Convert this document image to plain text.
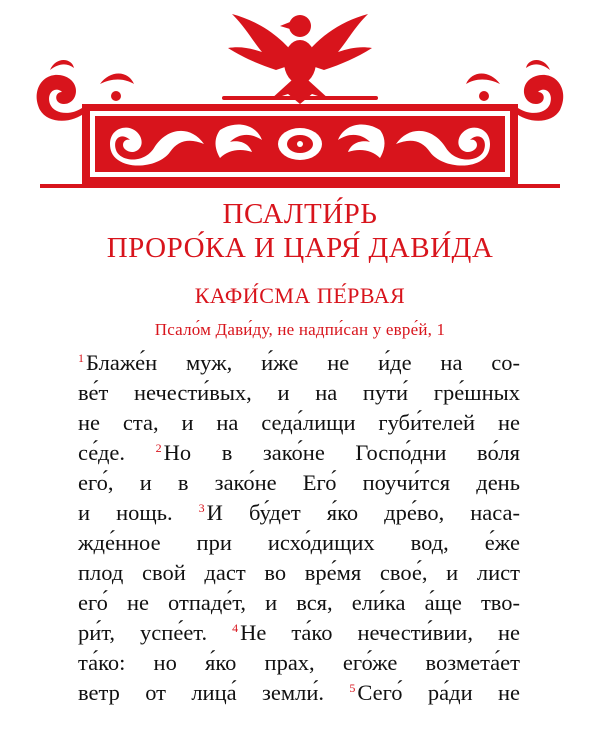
ПСАЛТИ́РЬ
ПРОРО́КА И ЦАРЯ́ ДАВИ́ДА
КАФИ́СМА ПЕ́РВАЯ
Псало́м Дави́ду, не надпи́сан у евре́й, 1
$^1$Блаже́н муж, и́же не и́де на со-
ве́т нечести́вых, и на пути́ гре́шных
не ста, и на седа́лищи губи́телей не
се́де.	$^2$Но в зако́не Госпо́дни во́ля
его́, и в зако́не Его́ поучи́тся день
и нощь. $^3$И бу́дет я́ко дре́во, наса-
жде́нное при исхо́дищих вод, е́же
плод свой даст во вре́мя свое́, и лист
его́ не отпаде́т, и вся, ели́ка а́ще тво-
ри́т, успе́ет. $^4$Не та́ко нечести́вии, не
та́ко: но я́ко прах, его́же возмета́ет
ветр от лица́ земли́. $^5$Сего́ ра́ди не
